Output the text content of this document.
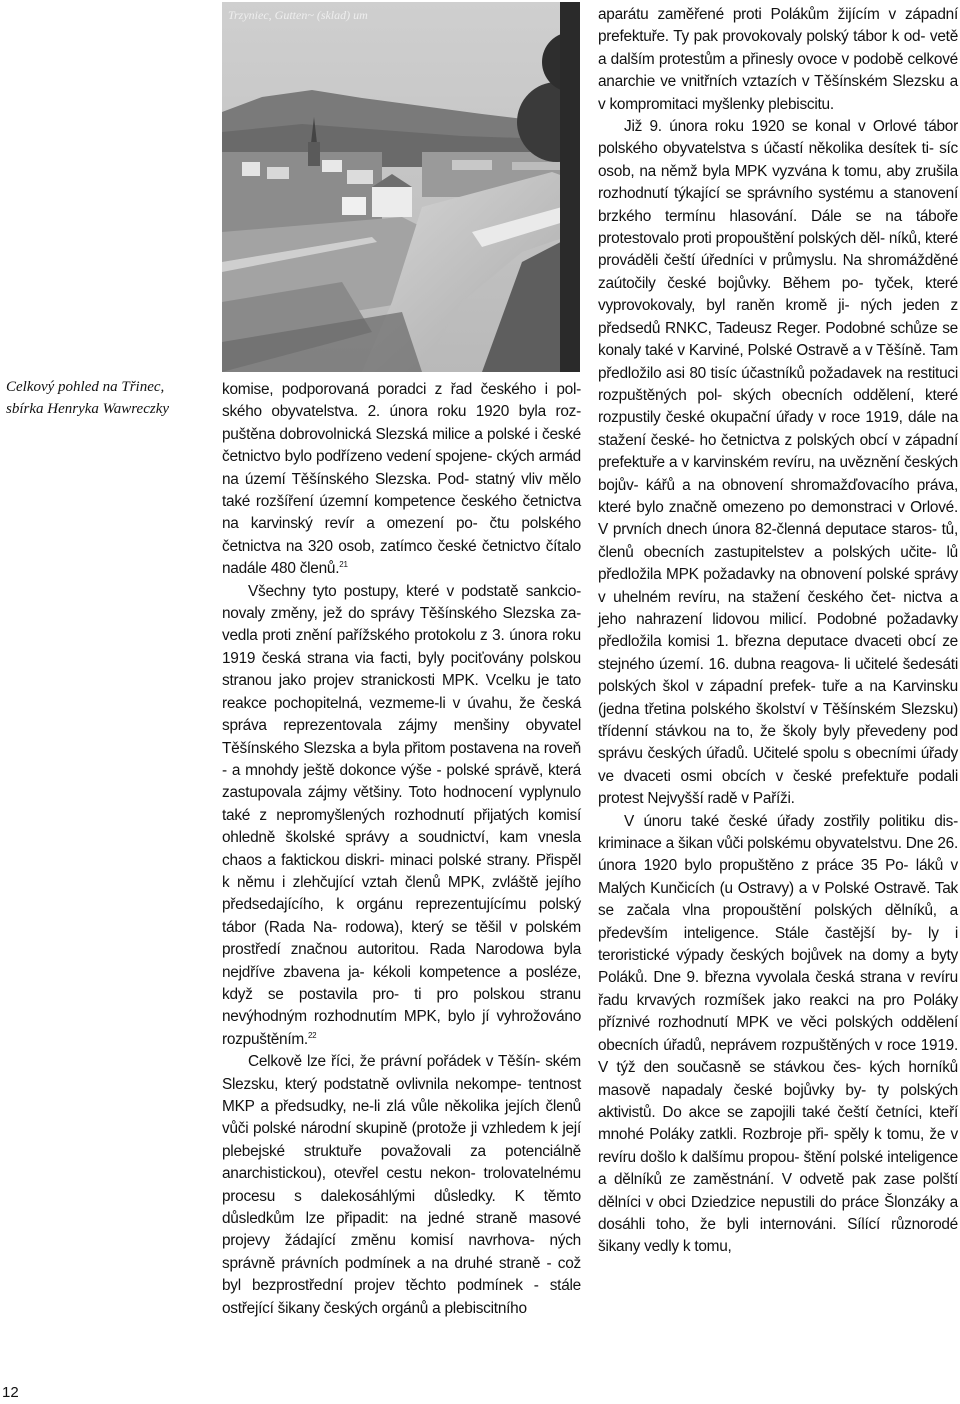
Trzyniec, Gutten~ (sklad) um
Celkový pohled na Třinec,
sbírka Henryka Wawreczky

komise, podporovaná poradci z řad českého i pol- ského obyvatelstva. 2. února roku 1920 byla roz- puštěna dobrovolnická Slezská milice a polské i české četnictvo bylo podřízeno vedení spojene- ckých armád na území Těšínského Slezska. Pod- statný vliv mělo také rozšíření územní kompetence českého četnictva na karvinský revír a omezení po- čtu polského četnictva na 320 osob, zatímco české četnictvo čítalo nadále 480 členů.$^{21}$

Všechny tyto postupy, které v podstatě sankcio- novaly změny, jež do správy Těšínského Slezska za- vedla proti znění pařížského protokolu z 3. února roku 1919 česká strana via facti, byly pociťovány polskou stranou jako projev stranickosti MPK. Vcelku je tato reakce pochopitelná, vezmeme-li v úvahu, že česká správa reprezentovala zájmy menšiny obyvatel Těšínského Slezska a byla přitom postavena na roveň - a mnohdy ještě dokonce výše - polské správě, která zastupovala zájmy většiny. Toto hodnocení vyplynulo také z nepromyšlených rozhodnutí přijatých komisí ohledně školské správy a soudnictví, kam vnesla chaos a faktickou diskri- minaci polské strany. Přispěl k němu i zlehčující vztah členů MPK, zvláště jejího předsedajícího, k orgánu reprezentujícímu polský tábor (Rada Na- rodowa), který se těšil v polském prostředí značnou autoritou. Rada Narodowa byla nejdříve zbavena ja- kékoli kompetence a posléze, když se postavila pro- ti pro polskou stranu nevýhodným rozhodnutím MPK, bylo jí vyhrožováno rozpuštěním.$^{22}$

Celkově lze říci, že právní pořádek v Těšín- ském Slezsku, který podstatně ovlivnila nekompe- tentnost MKP a předsudky, ne-li zlá vůle několika jejích členů vůči polské národní skupině (protože ji vzhledem k její plebejské struktuře považovali za potenciálně anarchistickou), otevřel cestu nekon- trolovatelnému procesu s dalekosáhlými důsledky. K těmto důsledkům lze připadit: na jedné straně masové projevy žádající změnu komisí navrhova- ných správně právních podmínek a na druhé straně - což byl bezprostřední projev těchto podmínek - stále ostřející šikany českých orgánů a plebiscitního

aparátu zaměřené proti Polákům žijícím v západní prefektuře. Ty pak provokovaly polský tábor k od- vetě a dalším protestům a přinesly ovoce v podobě celkové anarchie ve vnitřních vztazích v Těšínském Slezsku a v kompromitaci myšlenky plebiscitu.

Již 9. února roku 1920 se konal v Orlové tábor polského obyvatelstva s účastí několika desítek ti- síc osob, na němž byla MPK vyzvána k tomu, aby zrušila rozhodnutí týkající se správního systému a stanovení brzkého termínu hlasování. Dále se na táboře protestovalo proti propouštění polských děl- níků, které prováděli čeští úředníci v průmyslu. Na shromážděné zaútočily české bojůvky. Během po- tyček, které vyprovokovaly, byl raněn kromě ji- ných jeden z předsedů RNKC, Tadeusz Reger. Podobné schůze se konaly také v Karviné, Polské Ostravě a v Těšíně. Tam předložilo asi 80 tisíc účastníků požadavek na restituci rozpuštěných pol- ských obecních oddělení, které rozpustily české okupační úřady v roce 1919, dále na stažení české- ho četnictva z polských obcí v západní prefektuře a v karvinském revíru, na uvěznění českých bojův- kářů a na obnovení shromažďovacího práva, které bylo značně omezeno po demonstraci v Orlové. V prvních dnech února 82-členná deputace staros- tů, členů obecních zastupitelstev a polských učite- lů předložila MPK požadavky na obnovení polské správy v uhelném revíru, na stažení českého čet- nictva a jeho nahrazení lidovou milicí. Podobné požadavky předložila komisi 1. března deputace dvaceti obcí ze stejného území. 16. dubna reagova- li učitelé šedesáti polských škol v západní prefek- tuře a na Karvinsku (jedna třetina polského školství v Těšínském Slezsku) třídenní stávkou na to, že školy byly převedeny pod správu českých úřadů. Učitelé spolu s obecními úřady ve dvaceti osmi obcích v české prefektuře podali protest Nejvyšší radě v Paříži.

V únoru také české úřady zostřily politiku dis- kriminace a šikan vůči polskému obyvatelstvu. Dne 26. února 1920 bylo propuštěno z práce 35 Po- láků v Malých Kunčicích (u Ostravy) a v Polské Ostravě. Tak se začala vlna propouštění polských dělníků, a především inteligence. Stále častější by- ly i teroristické výpady českých bojůvek na domy a byty Poláků. Dne 9. března vyvolala česká strana v revíru řadu krvavých rozmíšek jako reakci na pro Poláky příznivé rozhodnutí MPK ve věci polských oddělení obecních úřadů, neprávem rozpuštěných v roce 1919. V týž den současně se stávkou čes- kých horníků masově napadaly české bojůvky by- ty polských aktivistů. Do akce se zapojili také čeští četníci, kteří mnohé Poláky zatkli. Rozbroje při- spěly k tomu, že v revíru došlo k dalšímu propou- štění polské inteligence a dělníků ze zaměstnání. V odvetě pak zase polští dělníci v obci Dziedzice nepustili do práce Šlonzáky a dosáhli toho, že byli internováni. Sílící různorodé šikany vedly k tomu,

12
